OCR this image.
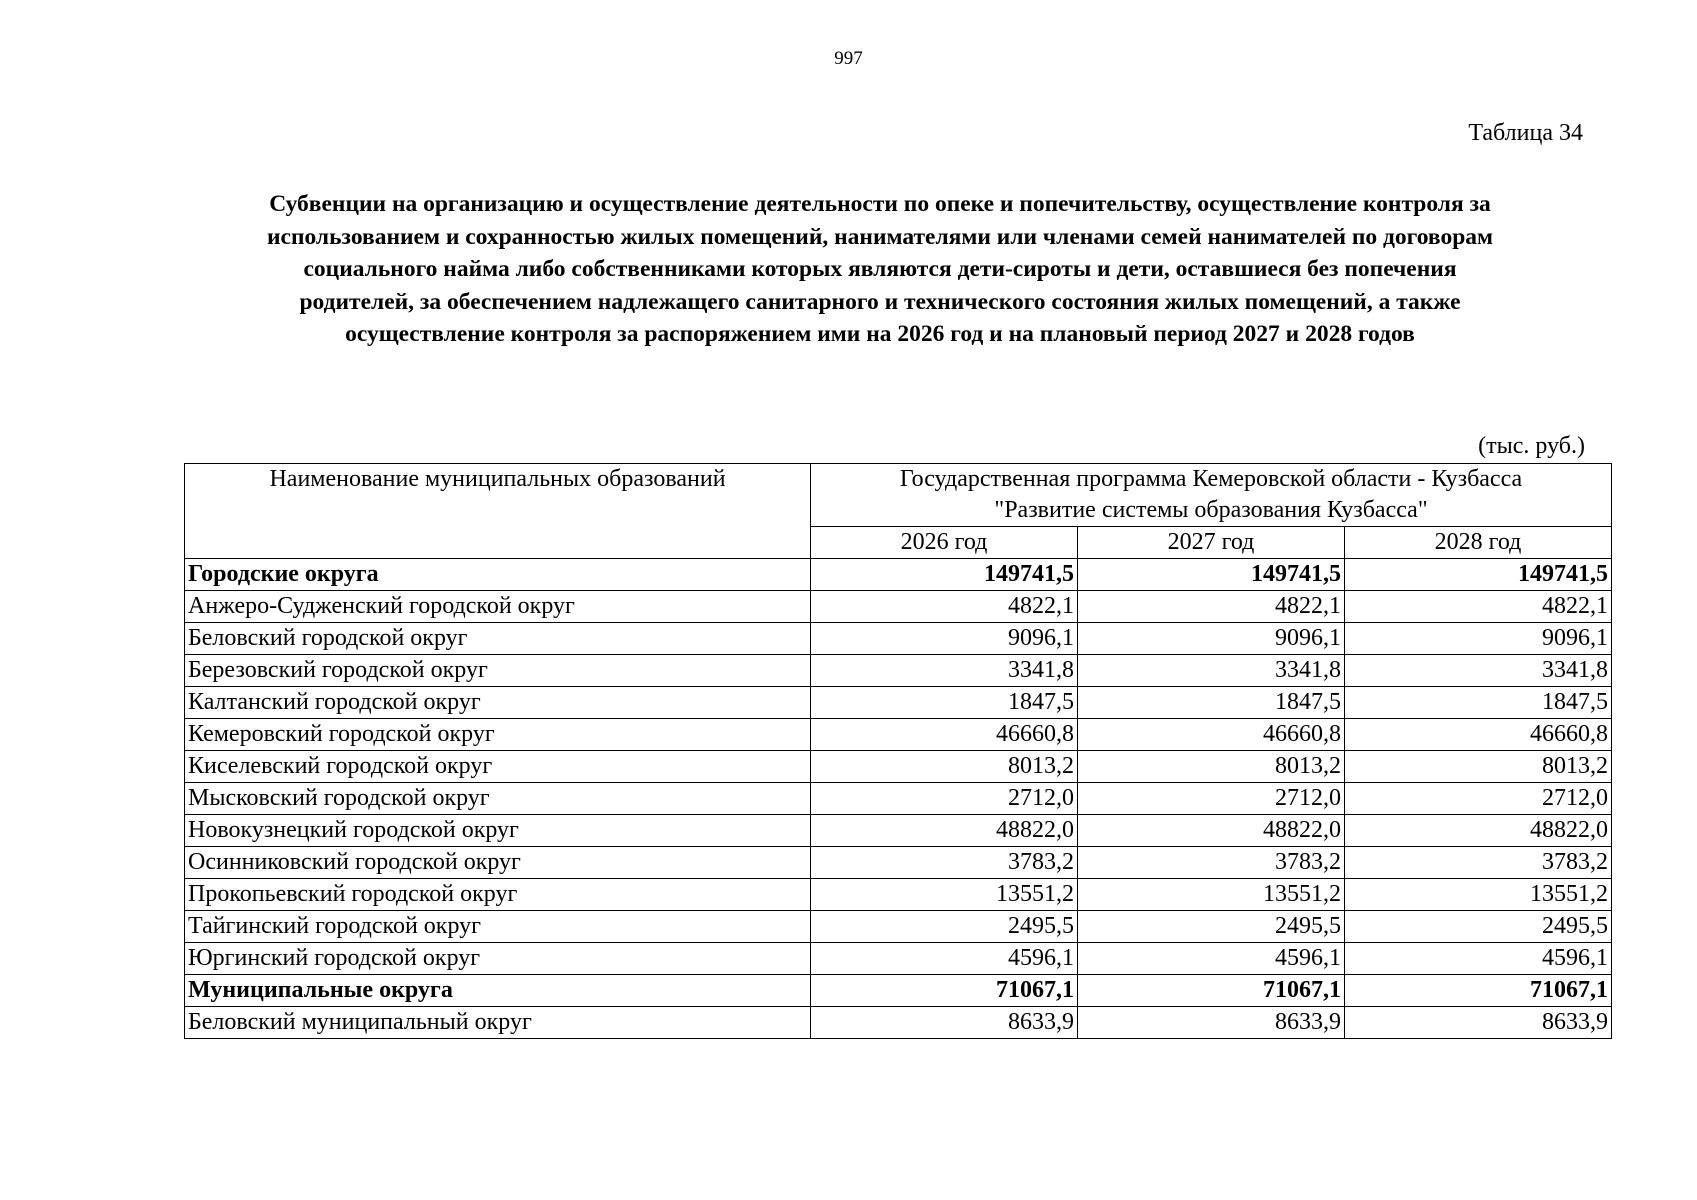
997
Таблица 34
Субвенции на организацию и осуществление деятельности по опеке и попечительству, осуществление контроля за
использованием и сохранностью жилых помещений, нанимателями или членами семей нанимателей по договорам
социального найма либо собственниками которых являются дети-сироты и дети, оставшиеся без попечения
родителей, за обеспечением надлежащего санитарного и технического состояния жилых помещений, а также
осуществление контроля за распоряжением ими на 2026 год и на плановый период 2027 и 2028 годов
(тыс. руб.)
Наименование муниципальных образований	Государственная программа Кемеровской области - Кузбасса
"Развитие системы образования Кузбасса"		

	2026 год	2027 год	2028 год
Городские округа	149741,5	149741,5	149741,5
Анжеро-Судженский городской округ	4822,1	4822,1	4822,1
Беловский городской округ	9096,1	9096,1	9096,1
Березовский городской округ	3341,8	3341,8	3341,8
Калтанский городской округ	1847,5	1847,5	1847,5
Кемеровский городской округ	46660,8	46660,8	46660,8
Киселевский городской округ	8013,2	8013,2	8013,2
Мысковский городской округ	2712,0	2712,0	2712,0
Новокузнецкий городской округ	48822,0	48822,0	48822,0
Осинниковский городской округ	3783,2	3783,2	3783,2
Прокопьевский городской округ	13551,2	13551,2	13551,2
Тайгинский городской округ	2495,5	2495,5	2495,5
Юргинский городской округ	4596,1	4596,1	4596,1
Муниципальные округа	71067,1	71067,1	71067,1
Беловский муниципальный округ	8633,9	8633,9	8633,9
